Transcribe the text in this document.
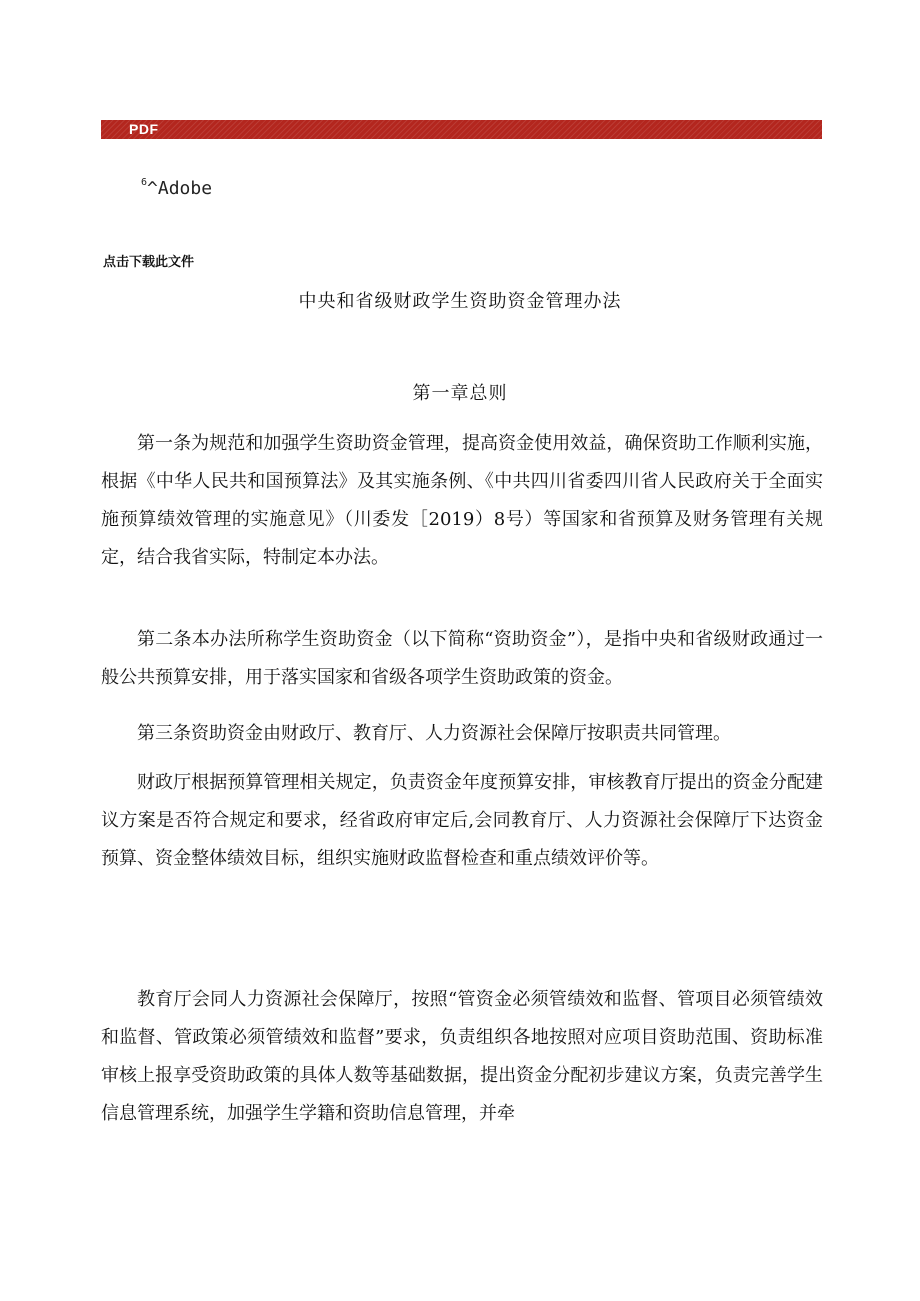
PDF
$^6$^Adobe
点击下载此文件
中央和省级财政学生资助资金管理办法
第一章总则

第一条为规范和加强学生资助资金管理，提高资金使用效益，确保资助工作顺利实施，根据《中华人民共和国预算法》及其实施条例、《中共四川省委四川省人民政府关于全面实施预算绩效管理的实施意见》（川委发［2019）8号）等国家和省预算及财务管理有关规定，结合我省实际，特制定本办法。

第二条本办法所称学生资助资金（以下简称“资助资金”），是指中央和省级财政通过一般公共预算安排，用于落实国家和省级各项学生资助政策的资金。

第三条资助资金由财政厅、教育厅、人力资源社会保障厅按职责共同管理。

财政厅根据预算管理相关规定，负责资金年度预算安排，审核教育厅提出的资金分配建议方案是否符合规定和要求，经省政府审定后,会同教育厅、人力资源社会保障厅下达资金预算、资金整体绩效目标，组织实施财政监督检查和重点绩效评价等。

教育厅会同人力资源社会保障厅，按照“管资金必须管绩效和监督、管项目必须管绩效和监督、管政策必须管绩效和监督”要求，负责组织各地按照对应项目资助范围、资助标准审核上报享受资助政策的具体人数等基础数据，提出资金分配初步建议方案，负责完善学生信息管理系统，加强学生学籍和资助信息管理，并牵
